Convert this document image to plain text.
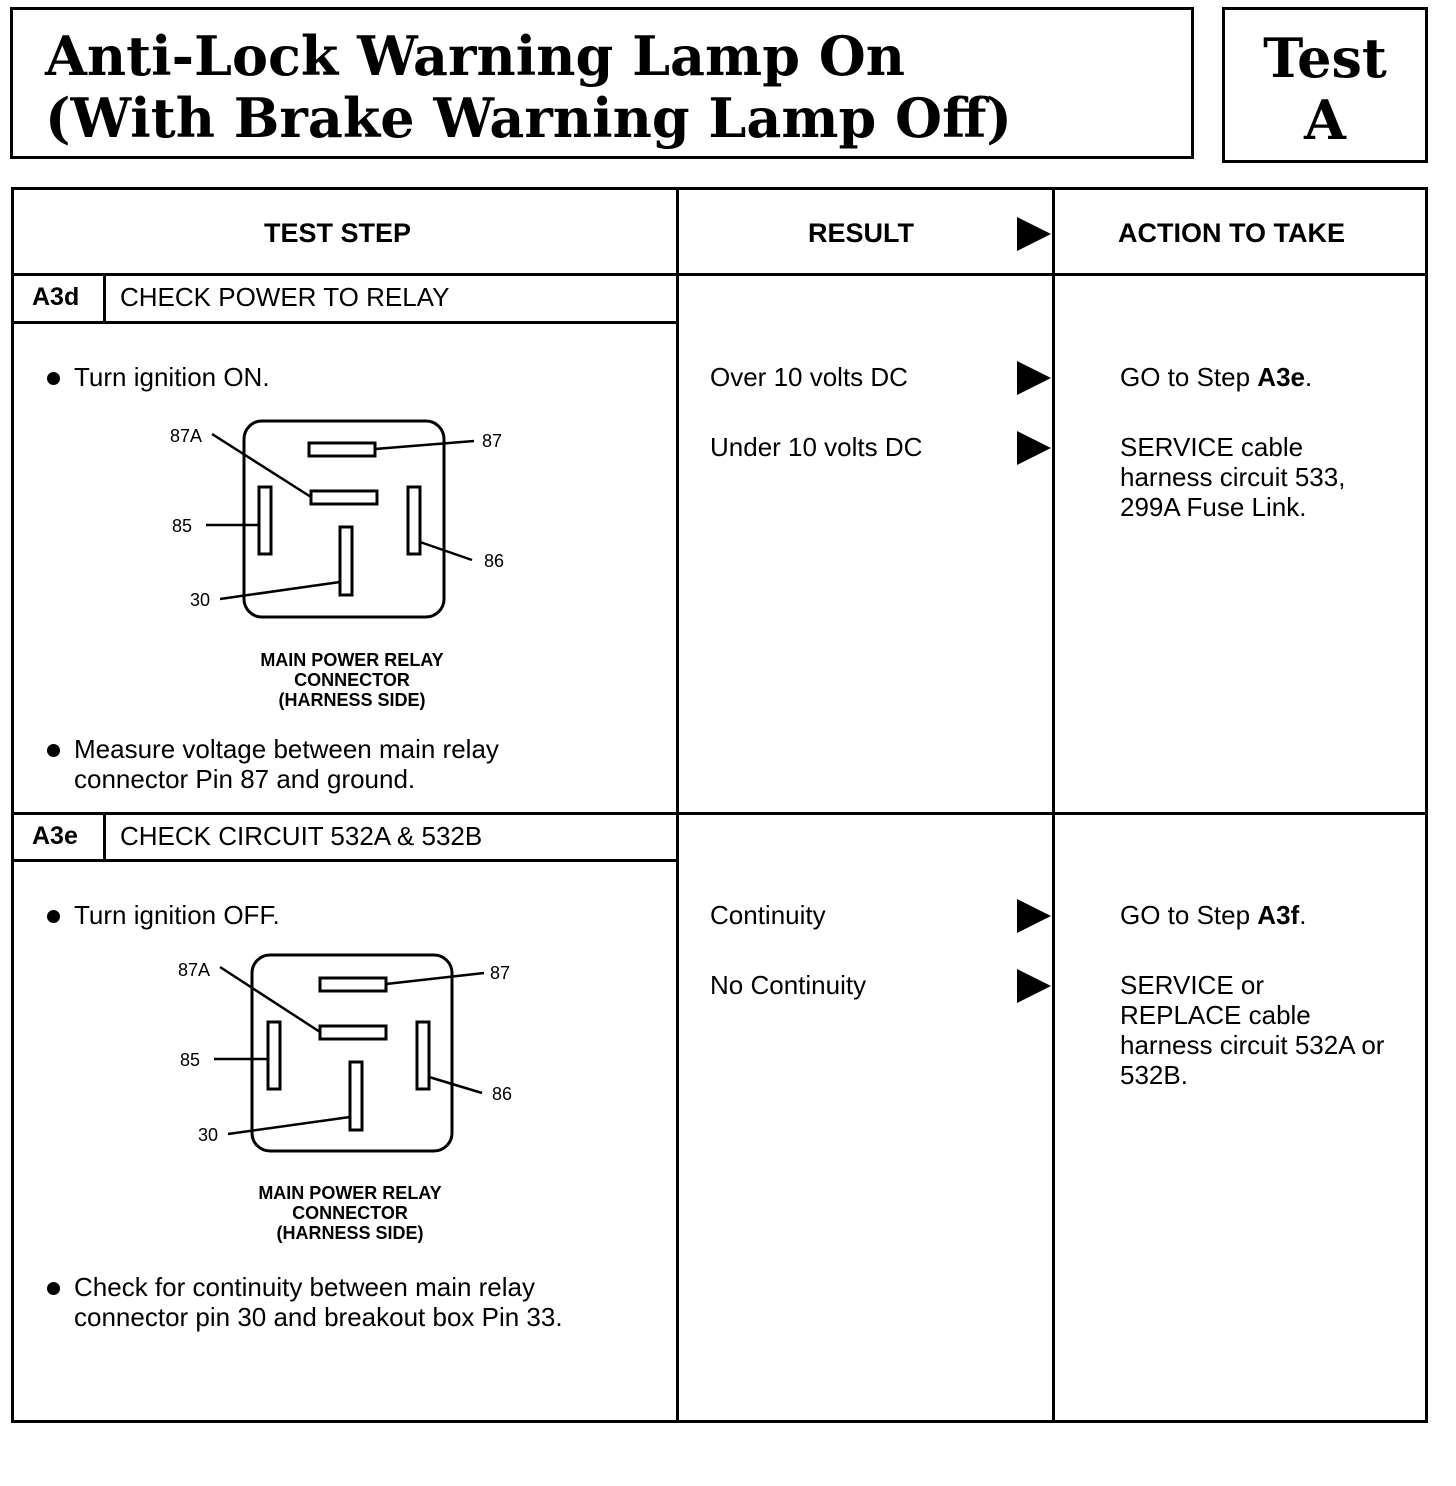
Anti-Lock Warning Lamp On
(With Brake Warning Lamp Off)
Test
A
TEST STEP	RESULT	ACTION TO TAKE
A3d CHECK POWER TO RELAY
Turn ignition ON.
87A	87
85
86
30
MAIN POWER RELAY
CONNECTOR
(HARNESS SIDE)
Measure voltage between main relay connector Pin 87 and ground.
Over 10 volts DC	GO to Step A3e.
Under 10 volts DC	SERVICE cable harness circuit 533, 299A Fuse Link.
A3e CHECK CIRCUIT 532A & 532B
Turn ignition OFF.
87A	87
85
86
30
MAIN POWER RELAY
CONNECTOR
(HARNESS SIDE)
Check for continuity between main relay connector pin 30 and breakout box Pin 33.
Continuity	GO to Step A3f.
No Continuity	SERVICE or REPLACE cable harness circuit 532A or 532B.
